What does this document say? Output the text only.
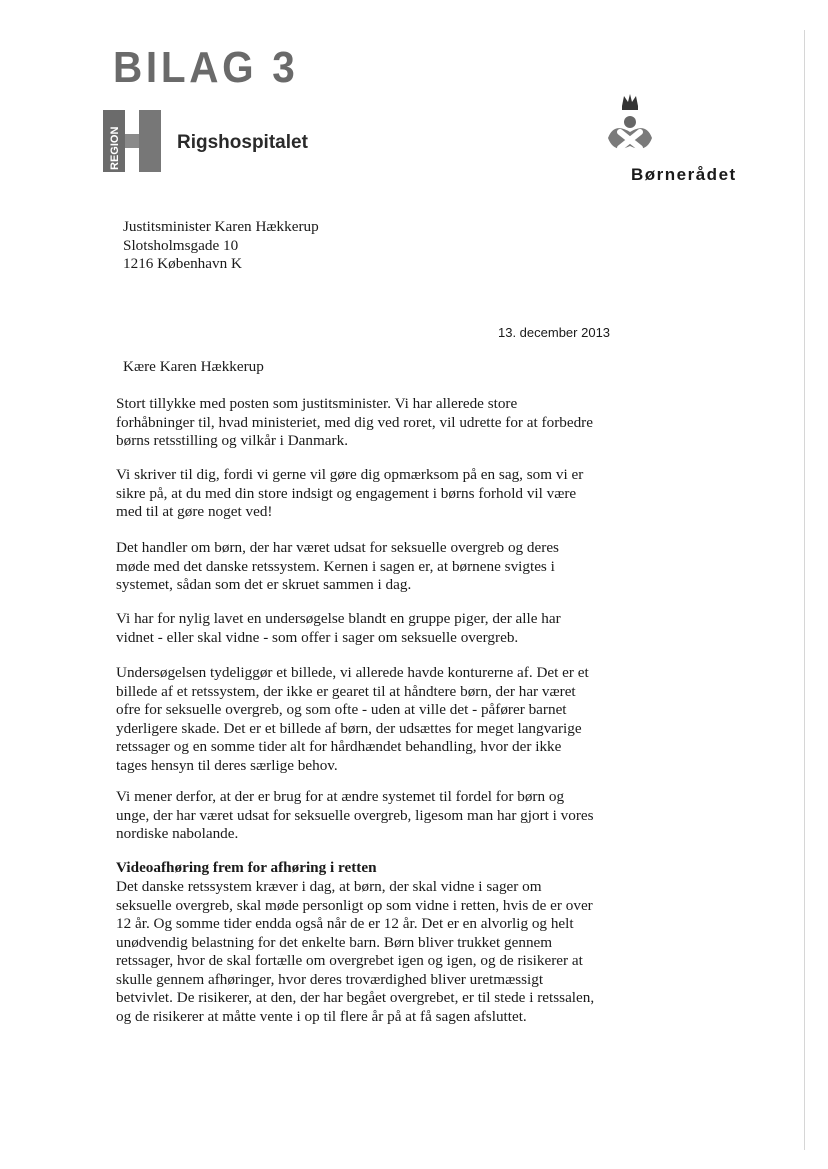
BILAG 3
REGION	Rigshospitalet
Børnerådet
Justitsminister Karen Hækkerup
Slotsholmsgade 10
1216 København K
13. december 2013
Kære Karen Hækkerup
Stort tillykke med posten som justitsminister. Vi har allerede store
forhåbninger til, hvad ministeriet, med dig ved roret, vil udrette for at forbedre
børns retsstilling og vilkår i Danmark.
Vi skriver til dig, fordi vi gerne vil gøre dig opmærksom på en sag, som vi er
sikre på, at du med din store indsigt og engagement i børns forhold vil være
med til at gøre noget ved!
Det handler om børn, der har været udsat for seksuelle overgreb og deres
møde med det danske retssystem. Kernen i sagen er, at børnene svigtes i
systemet, sådan som det er skruet sammen i dag.
Vi har for nylig lavet en undersøgelse blandt en gruppe piger, der alle har
vidnet - eller skal vidne - som offer i sager om seksuelle overgreb.
Undersøgelsen tydeliggør et billede, vi allerede havde konturerne af. Det er et
billede af et retssystem, der ikke er gearet til at håndtere børn, der har været
ofre for seksuelle overgreb, og som ofte - uden at ville det - påfører barnet
yderligere skade. Det er et billede af børn, der udsættes for meget langvarige
retssager og en somme tider alt for hårdhændet behandling, hvor der ikke
tages hensyn til deres særlige behov.
Vi mener derfor, at der er brug for at ændre systemet til fordel for børn og
unge, der har været udsat for seksuelle overgreb, ligesom man har gjort i vores
nordiske nabolande.
Videoafhøring frem for afhøring i retten
Det danske retssystem kræver i dag, at børn, der skal vidne i sager om
seksuelle overgreb, skal møde personligt op som vidne i retten, hvis de er over
12 år. Og somme tider endda også når de er 12 år. Det er en alvorlig og helt
unødvendig belastning for det enkelte barn. Børn bliver trukket gennem
retssager, hvor de skal fortælle om overgrebet igen og igen, og de risikerer at
skulle gennem afhøringer, hvor deres troværdighed bliver uretmæssigt
betvivlet. De risikerer, at den, der har begået overgrebet, er til stede i retssalen,
og de risikerer at måtte vente i op til flere år på at få sagen afsluttet.
